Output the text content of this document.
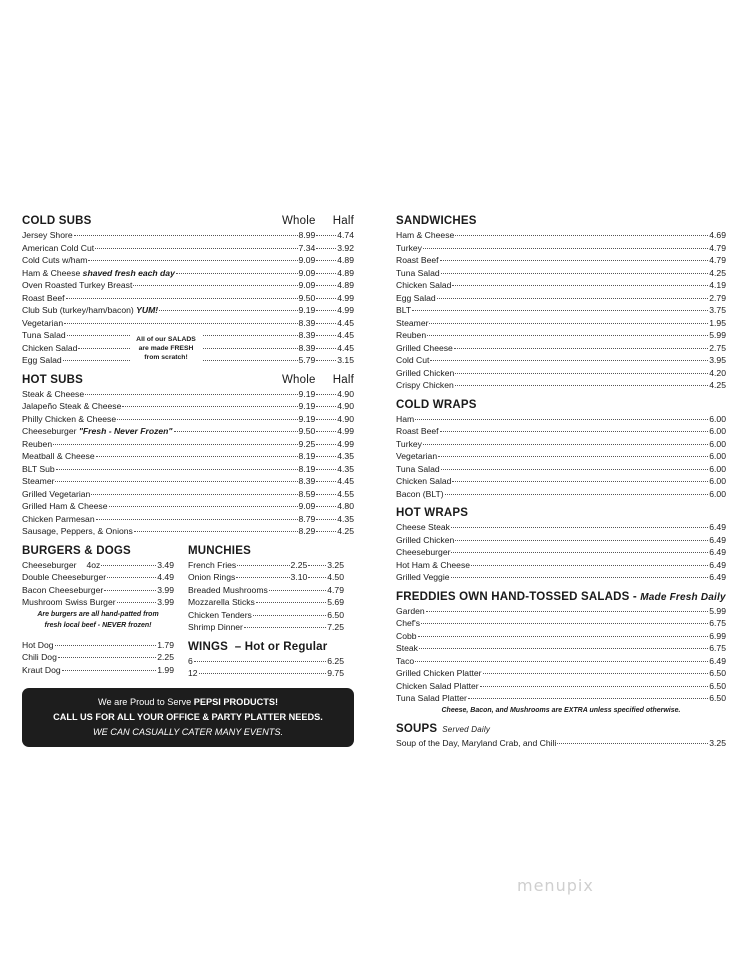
COLD SUBS	Whole	Half
Jersey Shore	8.99	4.74
American Cold Cut	7.34	3.92
Cold Cuts w/ham	9.09	4.89
Ham & Cheese shaved fresh each day	9.09	4.89
Oven Roasted Turkey Breast	9.09	4.89
Roast Beef	9.50	4.99
Club Sub (turkey/ham/bacon) YUM!	9.19	4.99
Vegetarian	8.39	4.45
Tuna Salad	8.39	4.45
Chicken Salad	8.39	4.45
Egg Salad	5.79	3.15
All of our SALADS
are made FRESH
from scratch!
HOT SUBS	Whole	Half
Steak & Cheese	9.19	4.90
Jalapeño Steak & Cheese	9.19	4.90
Philly Chicken & Cheese	9.19	4.90
Cheeseburger "Fresh - Never Frozen"	9.50	4.99
Reuben	9.25	4.99
Meatball & Cheese	8.19	4.35
BLT Sub	8.19	4.35
Steamer	8.39	4.45
Grilled Vegetarian	8.59	4.55
Grilled Ham & Cheese	9.09	4.80
Chicken Parmesan	8.79	4.35
Sausage, Peppers, & Onions	8.29	4.25
BURGERS & DOGS
Cheeseburger 4oz	3.49
Double Cheeseburger	4.49
Bacon Cheeseburger	3.99
Mushroom Swiss Burger	3.99
Are burgers are all hand-patted from
fresh local beef - NEVER frozen!
Hot Dog	1.79
Chili Dog	2.25
Kraut Dog	1.99
MUNCHIES
French Fries	2.25 3.25
Onion Rings	3.10 4.50
Breaded Mushrooms	4.79
Mozzarella Sticks	5.69
Chicken Tenders	6.50
Shrimp Dinner	7.25
WINGS – Hot or Regular
6	6.25
12	9.75
We are Proud to Serve PEPSI PRODUCTS!
CALL US FOR ALL YOUR OFFICE & PARTY PLATTER NEEDS.
WE CAN CASUALLY CATER MANY EVENTS.
SANDWICHES
Ham & Cheese	4.69
Turkey	4.79
Roast Beef	4.79
Tuna Salad	4.25
Chicken Salad	4.19
Egg Salad	2.79
BLT	3.75
Steamer	1.95
Reuben	5.99
Grilled Cheese	2.75
Cold Cut	3.95
Grilled Chicken	4.20
Crispy Chicken	4.25
COLD WRAPS
Ham	6.00
Roast Beef	6.00
Turkey	6.00
Vegetarian	6.00
Tuna Salad	6.00
Chicken Salad	6.00
Bacon (BLT)	6.00
HOT WRAPS
Cheese Steak	6.49
Grilled Chicken	6.49
Cheeseburger	6.49
Hot Ham & Cheese	6.49
Grilled Veggie	6.49
FREDDIES OWN HAND-TOSSED SALADS - Made Fresh Daily
Garden	5.99
Chef's	6.75
Cobb	6.99
Steak	6.75
Taco	6.49
Grilled Chicken Platter	6.50
Chicken Salad Platter	6.50
Tuna Salad Platter	6.50
Cheese, Bacon, and Mushrooms are EXTRA unless specified otherwise.
SOUPS Served Daily
Soup of the Day, Maryland Crab, and Chili	3.25
menupix
